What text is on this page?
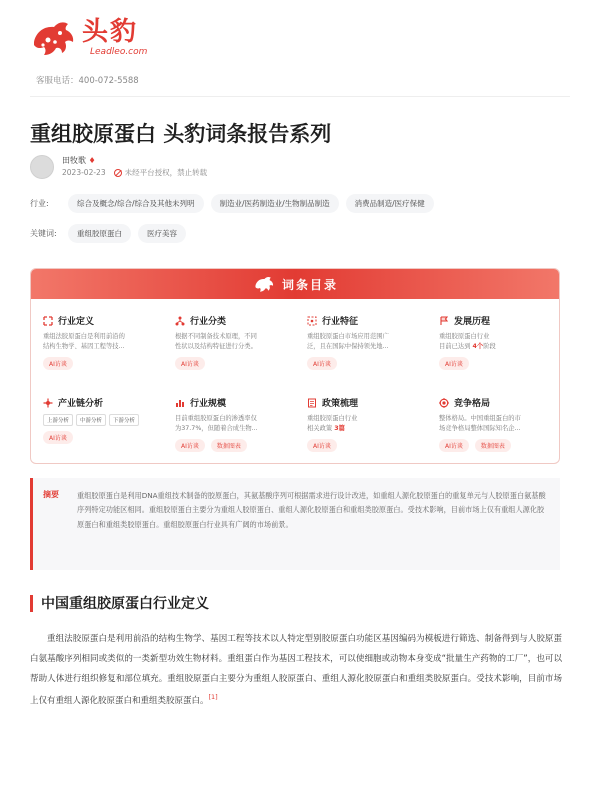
头豹
Leadleo.com
客服电话：400-072-5588
重组胶原蛋白 头豹词条报告系列
田牧歌 ♦
2023-02-23	未经平台授权，禁止转载
行业:	综合及概念/综合/综合及其他未列明	制造业/医药制造业/生物制品制造	消费品制造/医疗保健
关键词:	重组胶原蛋白	医疗美容
词条目录
行业定义
重组法胶原蛋白是利用前沿的
结构生物学、基因工程等技...
AI访谈
行业分类
根据不同制备技术原理，不同
性状以及结构特征进行分类。
AI访谈
行业特征
重组胶原蛋白市场应用范围广
泛，且在国际中保持领先地...
AI访谈
发展历程
重组胶原蛋白行业
目前已达到 4个阶段
AI访谈
产业链分析
上游分析	中游分析	下游分析
AI访谈
行业规模
目前重组胶原蛋白的渗透率仅
为37.7%，但随着合成生物...
AI访谈	数据图表
政策梳理
重组胶原蛋白行业
相关政策 3篇
AI访谈
竞争格局
整体格局。中国重组蛋白的市
场竞争格局整体国际知名企...
AI访谈	数据图表
摘要	重组胶原蛋白是利用DNA重组技术制备的胶原蛋白，其氨基酸序列可根据需求进行设计改进，如重组人源化胶原蛋白的重复单元与人胶原蛋白氨基酸序列特定功能区相同。重组胶原蛋白主要分为重组人胶原蛋白、重组人源化胶原蛋白和重组类胶原蛋白。受技术影响，目前市场上仅有重组人源化胶原蛋白和重组类胶原蛋白。重组胶原蛋白行业具有广阔的市场前景。
中国重组胶原蛋白行业定义
重组法胶原蛋白是利用前沿的结构生物学、基因工程等技术以人特定型别胶原蛋白功能区基因编码为模板进行筛选、制备得到与人胶原蛋白氨基酸序列相同或类似的一类新型功效生物材料。重组蛋白作为基因工程技术，可以使细胞或动物本身变成“批量生产药物的工厂”，也可以帮助人体进行组织修复和部位填充。重组胶原蛋白主要分为重组人胶原蛋白、重组人源化胶原蛋白和重组类胶原蛋白。受技术影响，目前市场上仅有重组人源化胶原蛋白和重组类胶原蛋白。[1]
